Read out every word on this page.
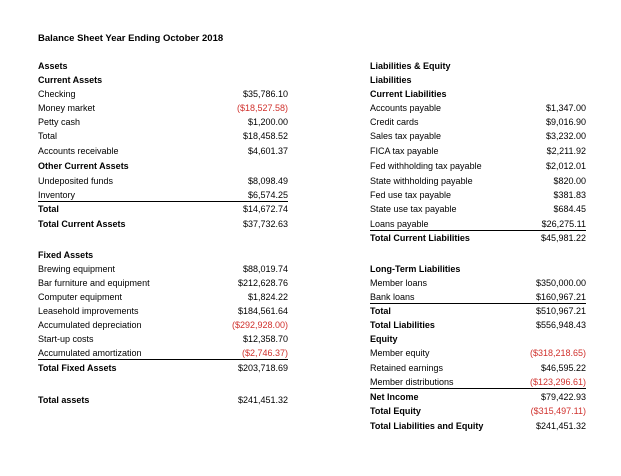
Balance Sheet Year Ending October 2018
Assets
Current Assets
Checking	$35,786.10
Money market	($18,527.58)
Petty cash	$1,200.00
Total	$18,458.52
Accounts receivable	$4,601.37
Other Current Assets
Undeposited funds	$8,098.49
Inventory	$6,574.25
Total	$14,672.74
Total Current Assets	$37,732.63
Fixed Assets
Brewing equipment	$88,019.74
Bar furniture and equipment	$212,628.76
Computer equipment	$1,824.22
Leasehold improvements	$184,561.64
Accumulated depreciation	($292,928.00)
Start-up costs	$12,358.70
Accumulated amortization	($2,746.37)
Total Fixed Assets	$203,718.69
Total assets	$241,451.32
Liabilities & Equity
Liabilities
Current Liabilities
Accounts payable	$1,347.00
Credit cards	$9,016.90
Sales tax payable	$3,232.00
FICA tax payable	$2,211.92
Fed withholding tax payable	$2,012.01
State withholding payable	$820.00
Fed use tax payable	$381.83
State use tax payable	$684.45
Loans payable	$26,275.11
Total Current Liabilities	$45,981.22
Long-Term Liabilities
Member loans	$350,000.00
Bank loans	$160,967.21
Total	$510,967.21
Total Liabilities	$556,948.43
Equity
Member equity	($318,218.65)
Retained earnings	$46,595.22
Member distributions	($123,296.61)
Net Income	$79,422.93
Total Equity	($315,497.11)
Total Liabilities and Equity	$241,451.32
